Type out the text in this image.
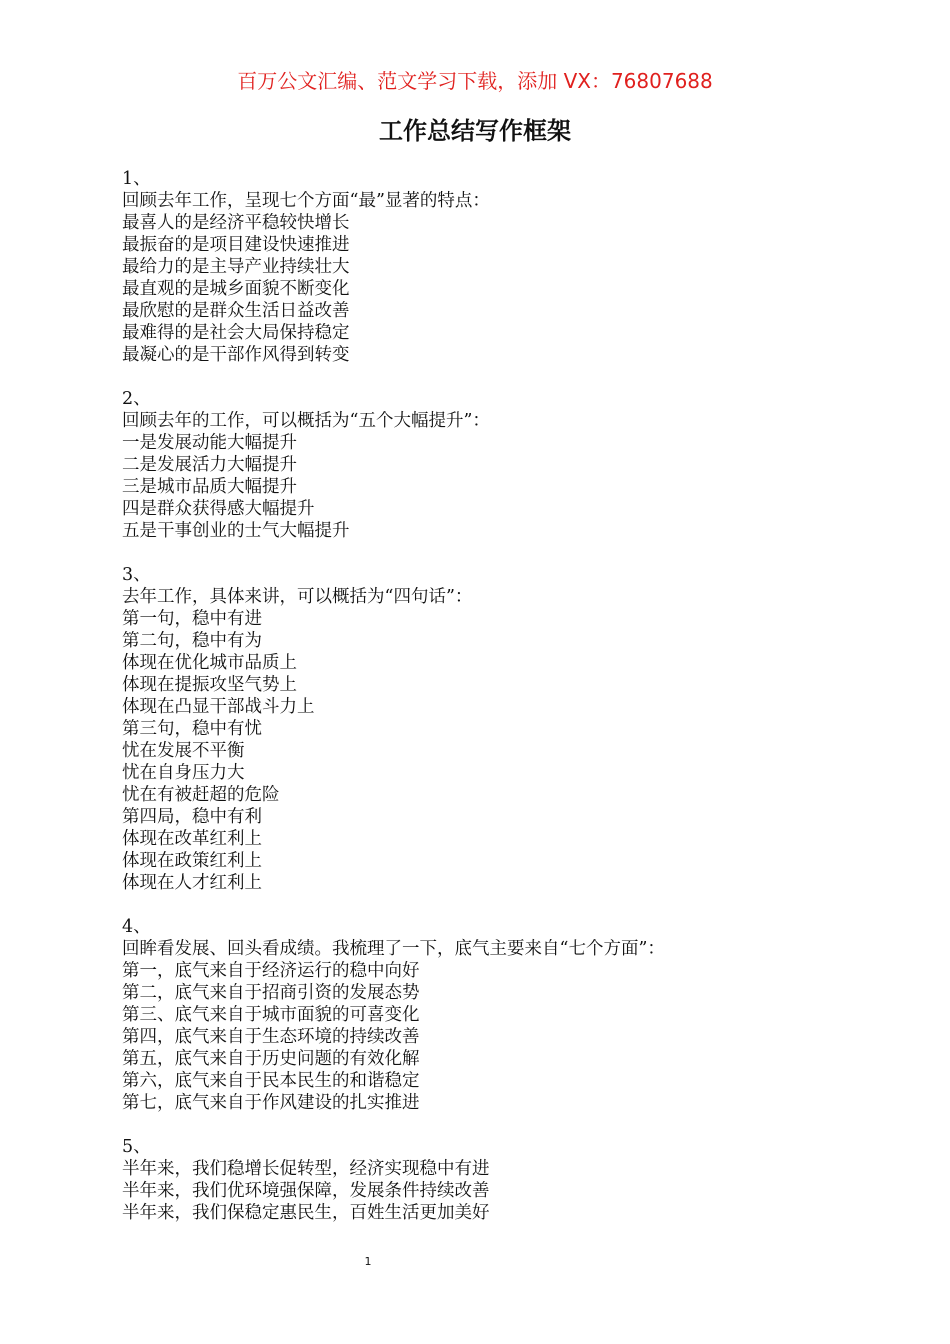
百万公文汇编、范文学习下载，添加 VX：76807688
工作总结写作框架
1、
回顾去年工作，呈现七个方面“最”显著的特点：
最喜人的是经济平稳较快增长
最振奋的是项目建设快速推进
最给力的是主导产业持续壮大
最直观的是城乡面貌不断变化
最欣慰的是群众生活日益改善
最难得的是社会大局保持稳定
最凝心的是干部作风得到转变
2、
回顾去年的工作，可以概括为“五个大幅提升”：
一是发展动能大幅提升
二是发展活力大幅提升
三是城市品质大幅提升
四是群众获得感大幅提升
五是干事创业的士气大幅提升
3、
去年工作，具体来讲，可以概括为“四句话”：
第一句，稳中有进
第二句，稳中有为
体现在优化城市品质上
体现在提振攻坚气势上
体现在凸显干部战斗力上
第三句，稳中有忧
忧在发展不平衡
忧在自身压力大
忧在有被赶超的危险
第四局，稳中有利
体现在改革红利上
体现在政策红利上
体现在人才红利上
4、
回眸看发展、回头看成绩。我梳理了一下，底气主要来自“七个方面”：
第一，底气来自于经济运行的稳中向好
第二，底气来自于招商引资的发展态势
第三、底气来自于城市面貌的可喜变化
第四，底气来自于生态环境的持续改善
第五，底气来自于历史问题的有效化解
第六，底气来自于民本民生的和谐稳定
第七，底气来自于作风建设的扎实推进
5、
半年来，我们稳增长促转型，经济实现稳中有进
半年来，我们优环境强保障，发展条件持续改善
半年来，我们保稳定惠民生，百姓生活更加美好
1
